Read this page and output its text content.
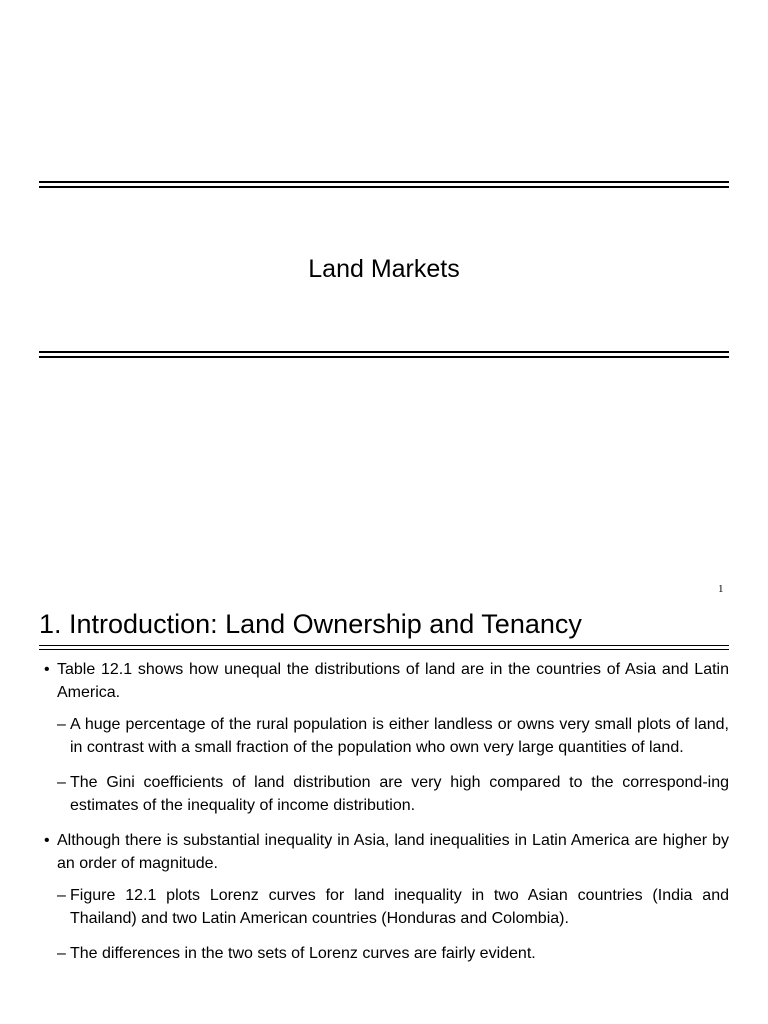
Land Markets
1
1. Introduction: Land Ownership and Tenancy
• Table 12.1 shows how unequal the distributions of land are in the countries of Asia and Latin America.
– A huge percentage of the rural population is either landless or owns very small plots of land, in contrast with a small fraction of the population who own very large quantities of land.
– The Gini coefficients of land distribution are very high compared to the correspond-ing estimates of the inequality of income distribution.
• Although there is substantial inequality in Asia, land inequalities in Latin America are higher by an order of magnitude.
– Figure 12.1 plots Lorenz curves for land inequality in two Asian countries (India and Thailand) and two Latin American countries (Honduras and Colombia).
– The differences in the two sets of Lorenz curves are fairly evident.
